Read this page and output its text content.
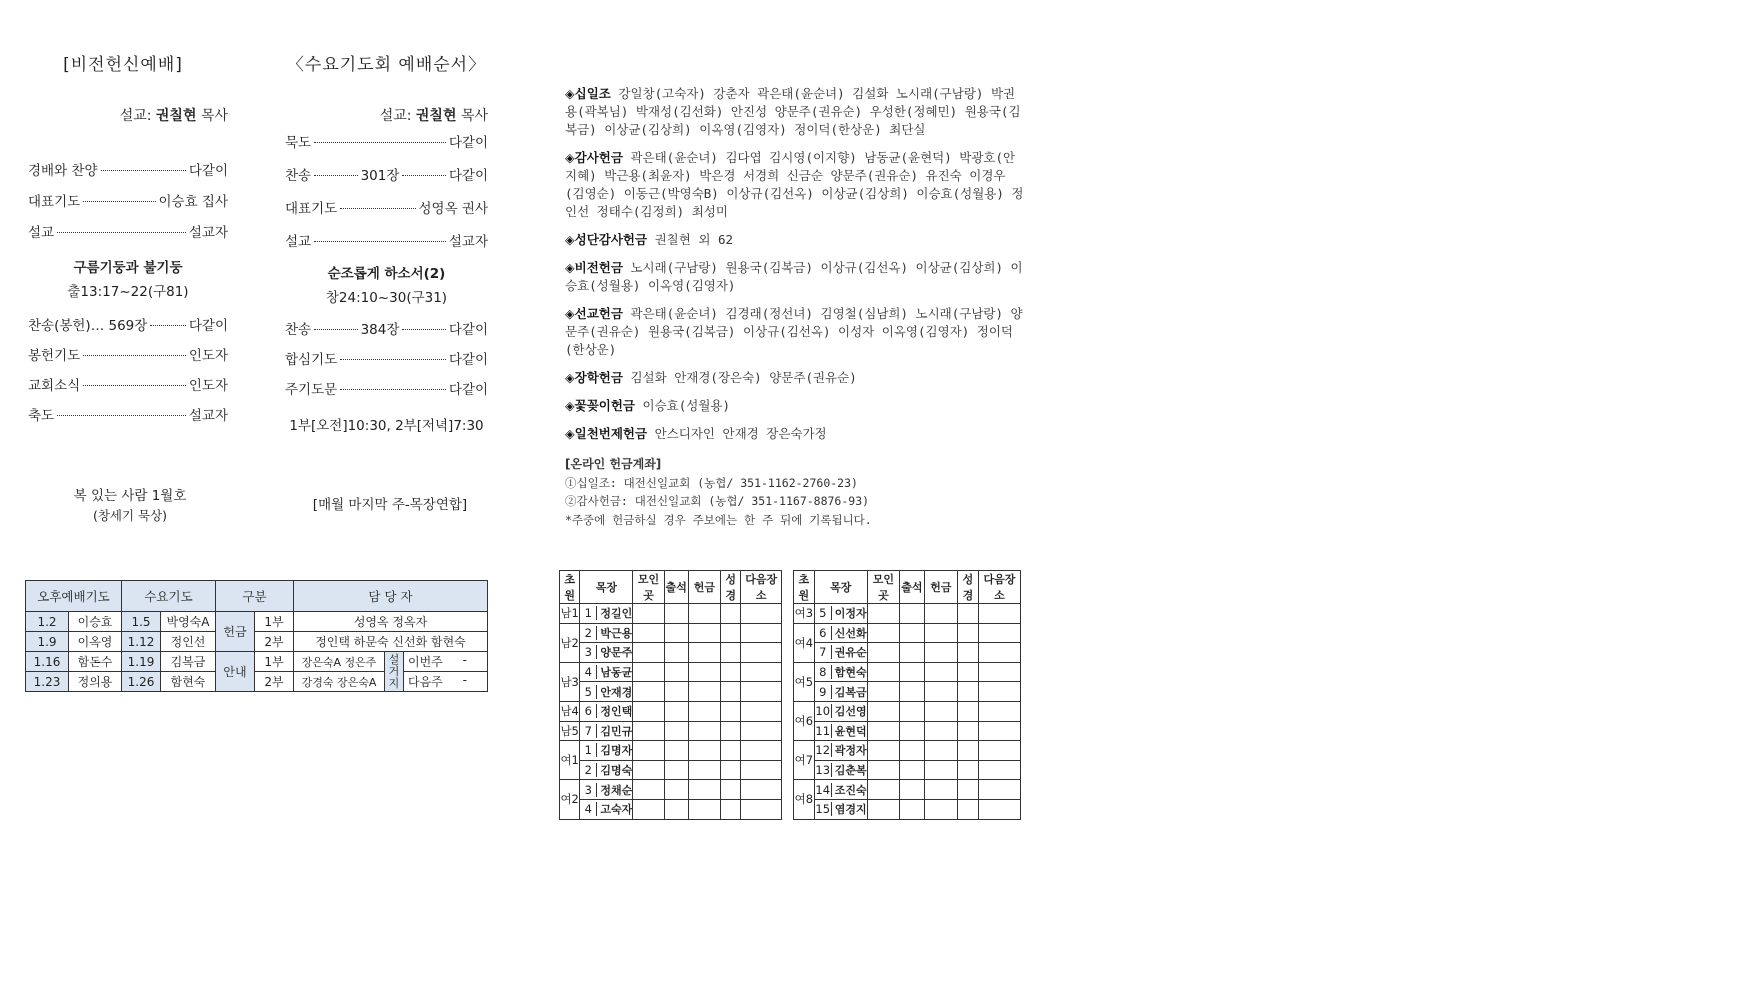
[비전헌신예배]
설교: 권칠현 목사
경배와 찬양	다같이
대표기도	이승효 집사
설교	설교자
구름기둥과 불기둥
출13:17~22(구81)
찬송(봉헌)… 569장	다같이
봉헌기도	인도자
교회소식	인도자
축도	설교자
복 있는 사람 1월호
(창세기 묵상)
〈수요기도회 예배순서〉
설교: 권칠현 목사
묵도	다같이
찬송	301장	다같이
대표기도	성영옥 권사
설교	설교자
순조롭게 하소서(2)
창24:10~30(구31)
찬송	384장	다같이
합심기도	다같이
주기도문	다같이
1부[오전]10:30, 2부[저녁]7:30
[매월 마지막 주-목장연합]

◈십일조 강일창(고숙자) 강춘자 곽은태(윤순녀) 김설화 노시래(구남랑) 박권용(곽복님) 박재성(김선화) 안진성 양문주(권유순) 우성한(정혜민) 원용국(김복금) 이상균(김상희) 이옥영(김영자) 정이덕(한상운) 최단실

◈감사헌금 곽은태(윤순녀) 김다엽 김시영(이지향) 남동균(윤현덕) 박광호(안지혜) 박근용(최윤자) 박은경 서경희 신금순 양문주(권유순) 유진숙 이경우(김영순) 이동근(박영숙B) 이상규(김선옥) 이상균(김상희) 이승효(성월용) 정인선 정태수(김정희) 최성미

◈성단감사헌금 권칠현 외 62

◈비전헌금 노시래(구남랑) 원용국(김복금) 이상규(김선옥) 이상균(김상희) 이승효(성월용) 이옥영(김영자)

◈선교헌금 곽은태(윤순녀) 김경래(정선녀) 김영철(심남희) 노시래(구남랑) 양문주(권유순) 원용국(김복금) 이상규(김선옥) 이성자 이옥영(김영자) 정이덕(한상운)

◈장학헌금 김설화 안재경(장은숙) 양문주(권유순)

◈꽃꽂이헌금 이승효(성월용)

◈일천번제헌금 안스디자인 안재경 장은숙가정

[온라인 헌금계좌]
①십일조: 대전신일교회 (농협/ 351-1162-2760-23)
②감사헌금: 대전신일교회 (농협/ 351-1167-8876-93)
*주중에 헌금하실 경우 주보에는 한 주 뒤에 기록됩니다.
오후예배기도		수요기도		구분		담 당 자		
1.2	이승효	1.5	박영숙A	헌금	1부	성영옥 정옥자		
1.9	이옥영	1.12	정인선		2부	정인택 하문숙 신선화 함현숙		
1.16	함돈수	1.19	김복금	안내	1부	장은숙A 정은주	설거지	이번주 -

1.23	정의용	1.26	함현숙		2부	강경숙 장은숙A		다음주 -
초원	목장	모인곳	출석	헌금	성경	다음장소
남1	1 정길인					
남2	2 박근용					
	3 양문주					
남3	4 남동균					
	5 안재경					
남4	6 정인택					
남5	7 김민규					
여1	1 김명자					
	2 김명숙					
여2	3 정채순					
	4 고숙자					
초원	목장	모인곳	출석	헌금	성경	다음장소
여3	5 이정자					
여4	6 신선화					
	7 권유순					
여5	8 함현숙					
	9 김복금					
여6	10 김선영					
	11 윤현덕					
여7	12 곽정자					
	13 김춘복					
여8	14 조진숙					
	15 염경지					
